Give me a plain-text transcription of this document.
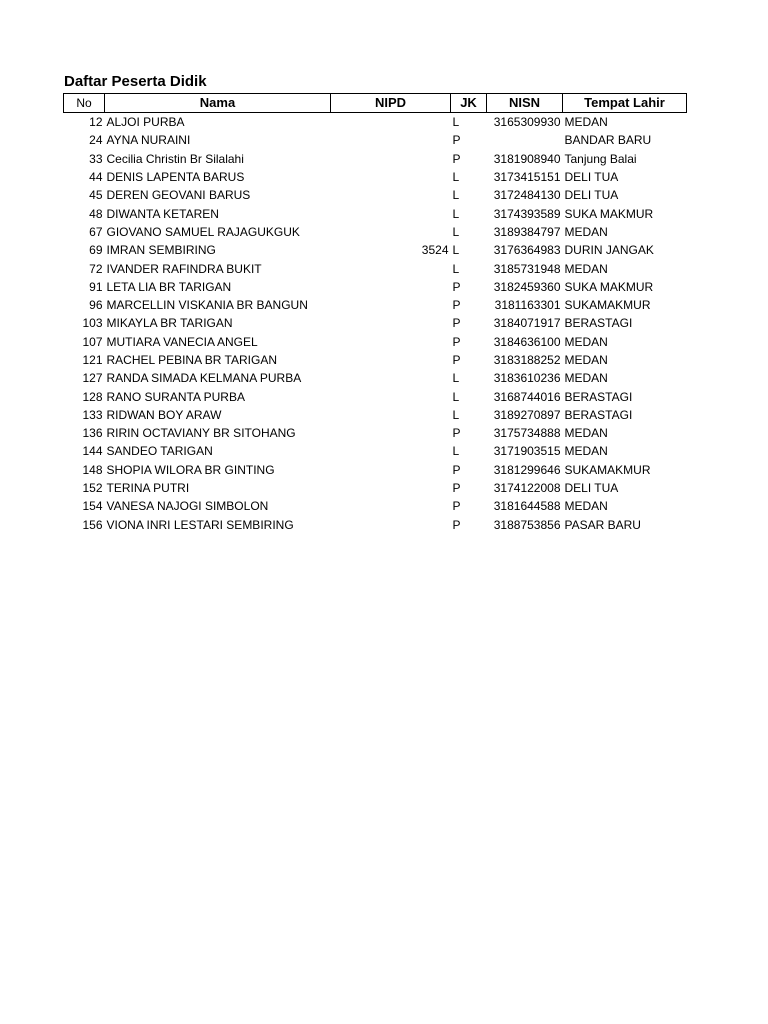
Daftar Peserta Didik
No	Nama	NIPD	JK	NISN	Tempat Lahir
12	ALJOI PURBA		L	3165309930	MEDAN
24	AYNA NURAINI		P		BANDAR BARU
33	Cecilia Christin Br Silalahi		P	3181908940	Tanjung Balai
44	DENIS LAPENTA BARUS		L	3173415151	DELI TUA
45	DEREN GEOVANI BARUS		L	3172484130	DELI TUA
48	DIWANTA KETAREN		L	3174393589	SUKA MAKMUR
67	GIOVANO SAMUEL RAJAGUKGUK		L	3189384797	MEDAN
69	IMRAN SEMBIRING	3524	L	3176364983	DURIN JANGAK
72	IVANDER RAFINDRA BUKIT		L	3185731948	MEDAN
91	LETA LIA BR TARIGAN		P	3182459360	SUKA MAKMUR
96	MARCELLIN VISKANIA BR BANGUN		P	3181163301	SUKAMAKMUR
103	MIKAYLA BR TARIGAN		P	3184071917	BERASTAGI
107	MUTIARA VANECIA ANGEL		P	3184636100	MEDAN
121	RACHEL PEBINA BR TARIGAN		P	3183188252	MEDAN
127	RANDA SIMADA KELMANA PURBA		L	3183610236	MEDAN
128	RANO SURANTA PURBA		L	3168744016	BERASTAGI
133	RIDWAN BOY ARAW		L	3189270897	BERASTAGI
136	RIRIN OCTAVIANY BR SITOHANG		P	3175734888	MEDAN
144	SANDEO TARIGAN		L	3171903515	MEDAN
148	SHOPIA WILORA BR GINTING		P	3181299646	SUKAMAKMUR
152	TERINA PUTRI		P	3174122008	DELI TUA
154	VANESA NAJOGI SIMBOLON		P	3181644588	MEDAN
156	VIONA INRI LESTARI SEMBIRING		P	3188753856	PASAR BARU
